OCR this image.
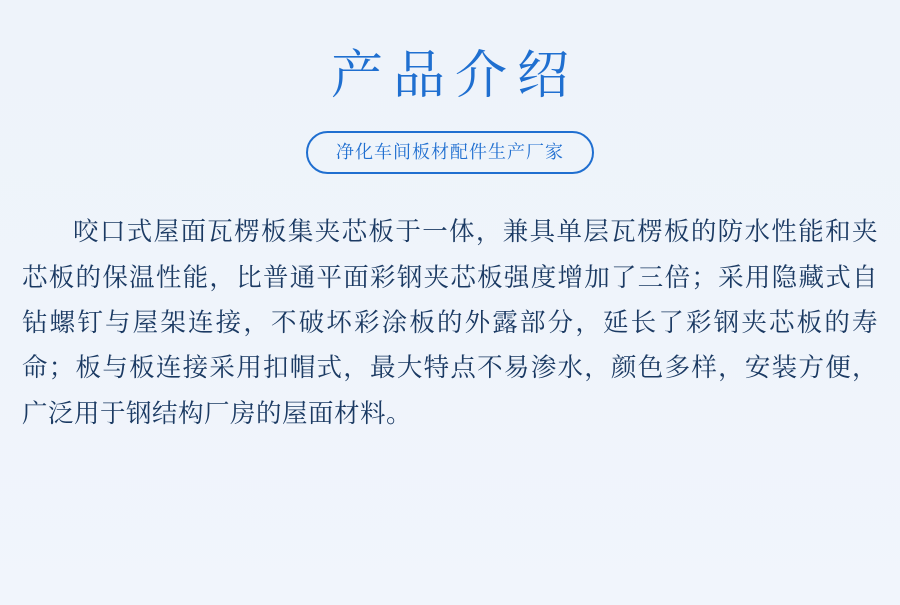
产品介绍
净化车间板材配件生产厂家
咬口式屋面瓦楞板集夹芯板于一体，兼具单层瓦楞板的防水性能和夹芯板的保温性能，比普通平面彩钢夹芯板强度增加了三倍；采用隐藏式自钻螺钉与屋架连接，不破坏彩涂板的外露部分，延长了彩钢夹芯板的寿命；板与板连接采用扣帽式，最大特点不易渗水，颜色多样，安装方便，广泛用于钢结构厂房的屋面材料。
